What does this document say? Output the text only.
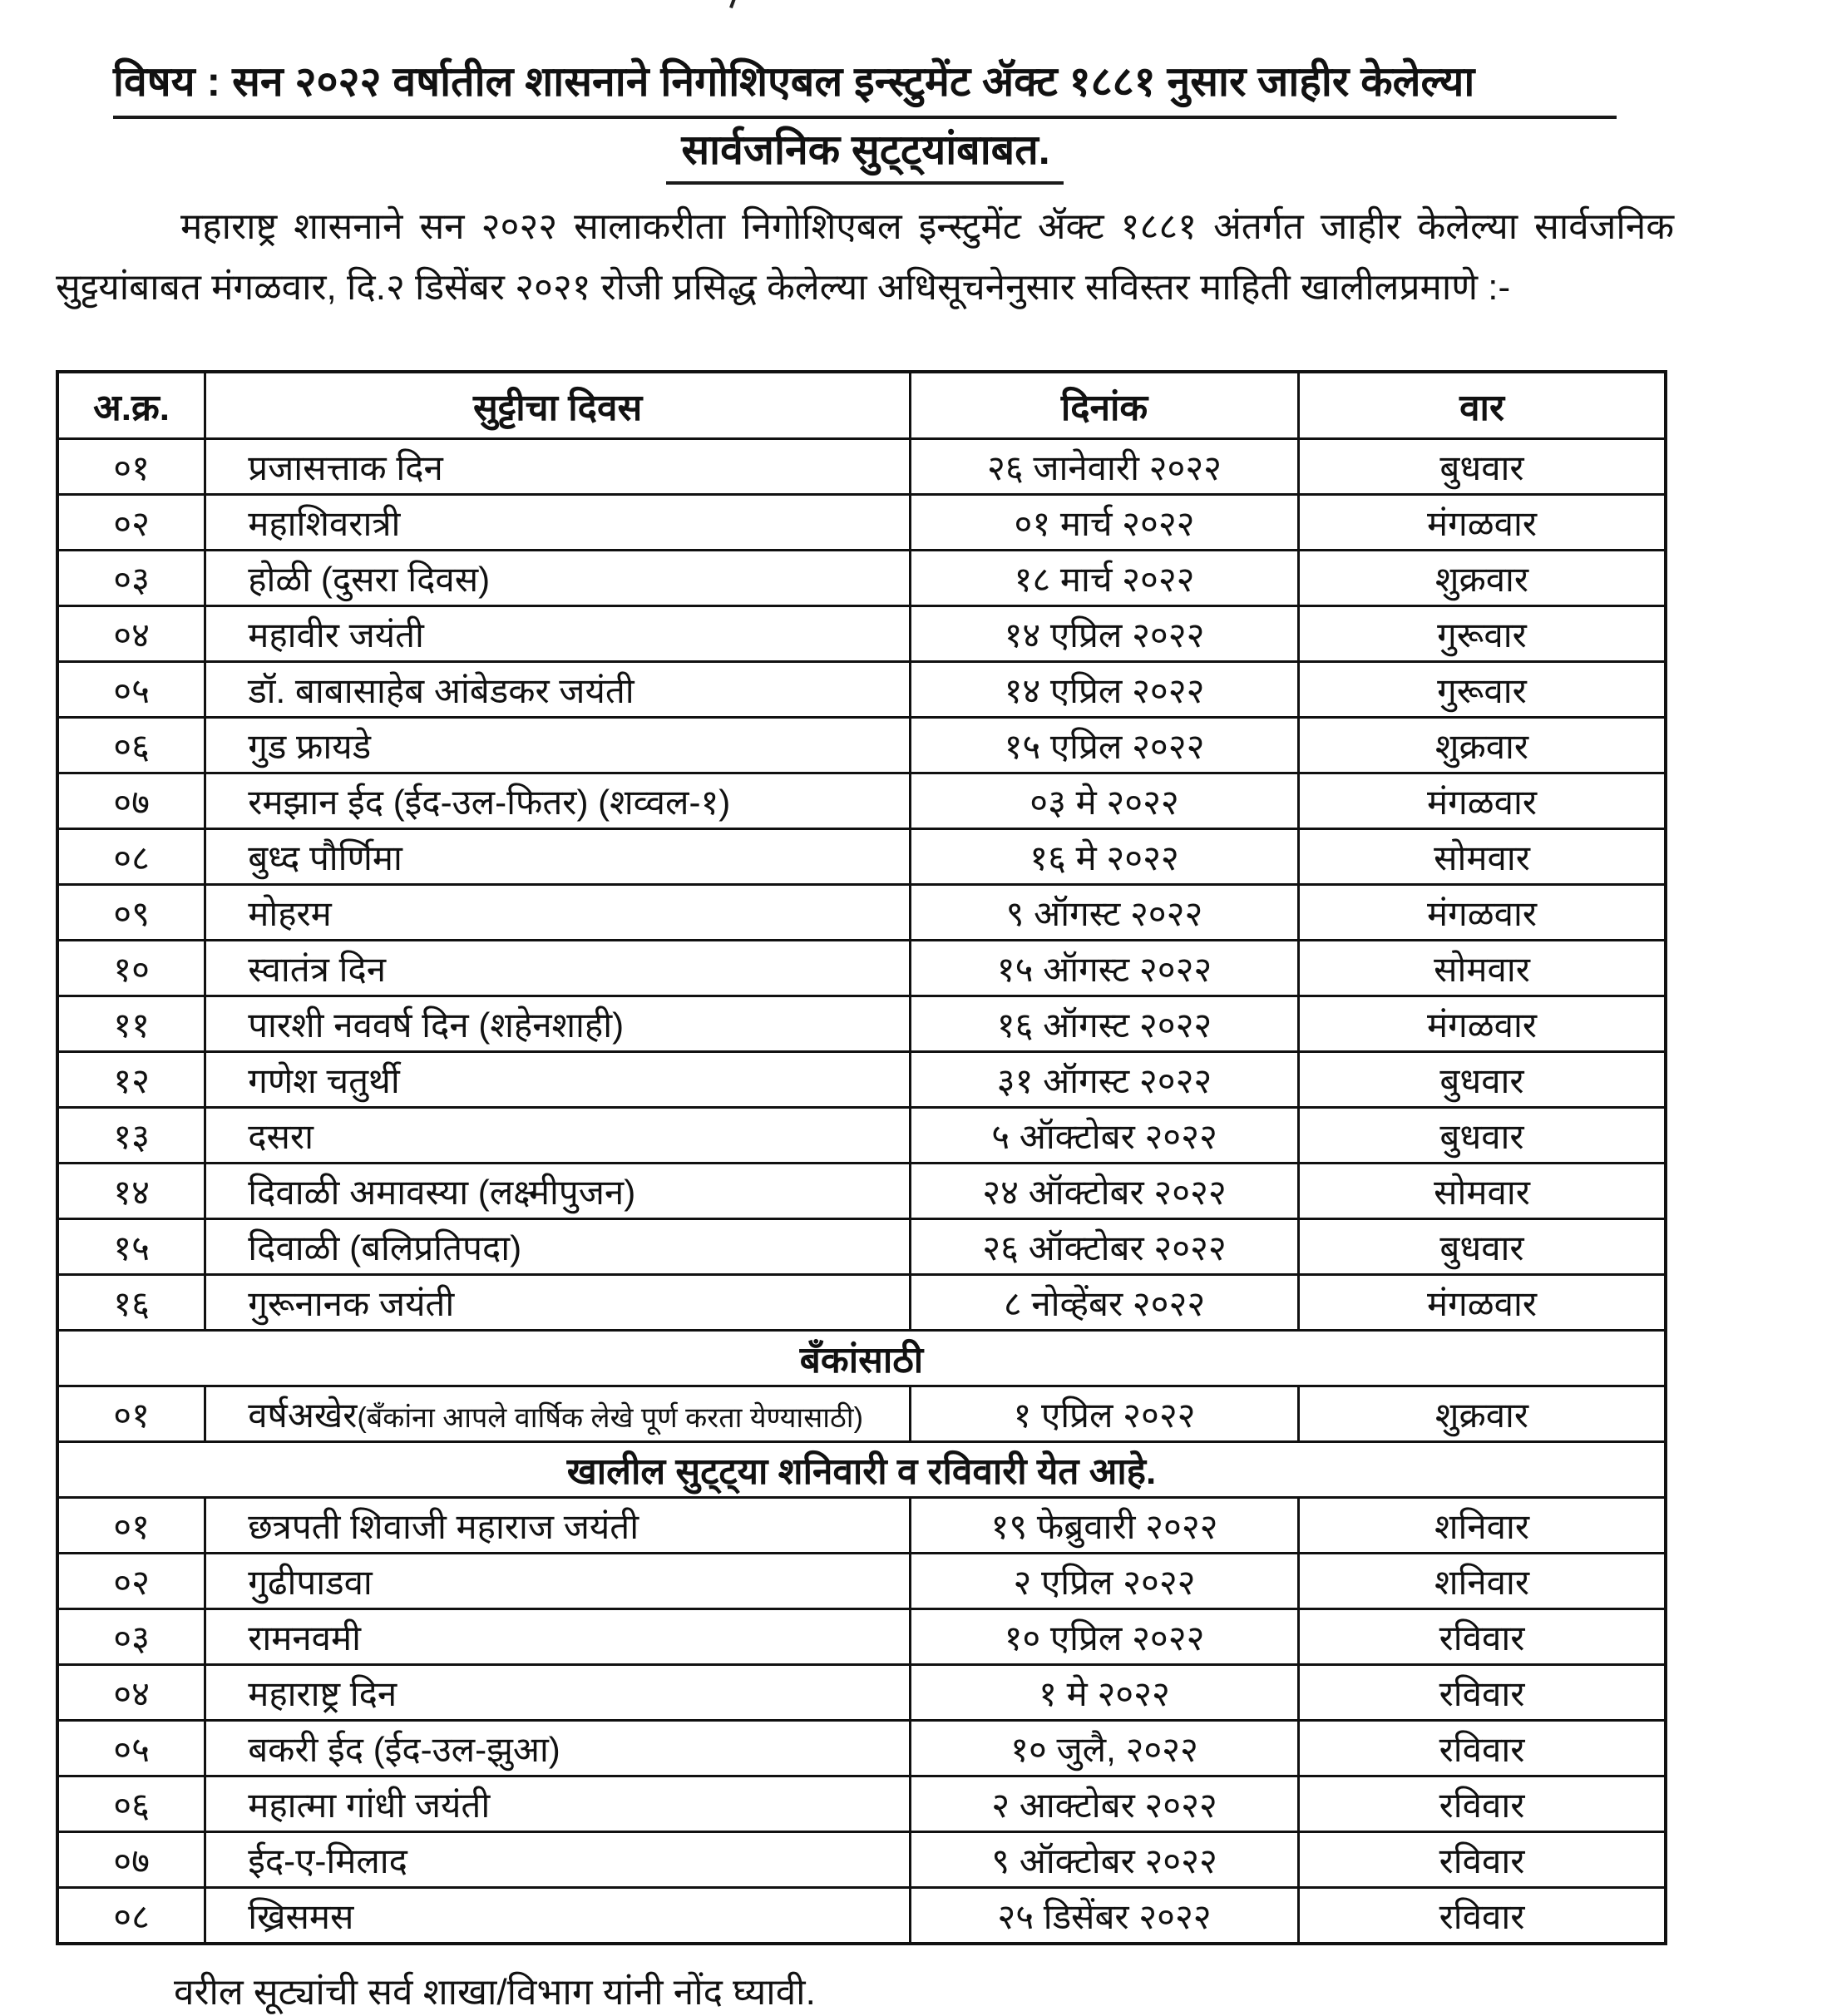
विषय : सन २०२२ वर्षातील शासनाने निगोशिएबल इन्स्टुमेंट ॲक्ट १८८१ नुसार जाहीर केलेल्या
सार्वजनिक सुट्ट्यांबाबत.
महाराष्ट्र शासनाने सन २०२२ सालाकरीता निगोशिएबल इन्स्टुमेंट ॲक्ट १८८१ अंतर्गत जाहीर केलेल्या सार्वजनिक सुट्टयांबाबत मंगळवार, दि.२ डिसेंबर २०२१ रोजी प्रसिद्ध केलेल्या अधिसूचनेनुसार सविस्तर माहिती खालीलप्रमाणे :-
अ.क्र.	सुट्टीचा दिवस	दिनांक	वार
०१	प्रजासत्ताक दिन	२६ जानेवारी २०२२	बुधवार
०२	महाशिवरात्री	०१ मार्च २०२२	मंगळवार
०३	होळी (दुसरा दिवस)	१८ मार्च २०२२	शुक्रवार
०४	महावीर जयंती	१४ एप्रिल २०२२	गुरूवार
०५	डॉ. बाबासाहेब आंबेडकर जयंती	१४ एप्रिल २०२२	गुरूवार
०६	गुड फ्रायडे	१५ एप्रिल २०२२	शुक्रवार
०७	रमझान ईद (ईद-उल-फितर) (शव्वल-१)	०३ मे २०२२	मंगळवार
०८	बुध्द पौर्णिमा	१६ मे २०२२	सोमवार
०९	मोहरम	९ ऑगस्ट २०२२	मंगळवार
१०	स्वातंत्र दिन	१५ ऑगस्ट २०२२	सोमवार
११	पारशी नववर्ष दिन (शहेनशाही)	१६ ऑगस्ट २०२२	मंगळवार
१२	गणेश चतुर्थी	३१ ऑगस्ट २०२२	बुधवार
१३	दसरा	५ ऑक्टोबर २०२२	बुधवार
१४	दिवाळी अमावस्या (लक्ष्मीपुजन)	२४ ऑक्टोबर २०२२	सोमवार
१५	दिवाळी (बलिप्रतिपदा)	२६ ऑक्टोबर २०२२	बुधवार
१६	गुरूनानक जयंती	८ नोव्हेंबर २०२२	मंगळवार
बँकांसाठी			
०१	वर्षअखेर(बँकांना आपले वार्षिक लेखे पूर्ण करता येण्यासाठी)	१ एप्रिल २०२२	शुक्रवार
खालील सुट्ट्या शनिवारी व रविवारी येत आहे.			
०१	छत्रपती शिवाजी महाराज जयंती	१९ फेब्रुवारी २०२२	शनिवार
०२	गुढीपाडवा	२ एप्रिल २०२२	शनिवार
०३	रामनवमी	१० एप्रिल २०२२	रविवार
०४	महाराष्ट्र दिन	१ मे २०२२	रविवार
०५	बकरी ईद (ईद-उल-झुआ)	१० जुलै, २०२२	रविवार
०६	महात्मा गांधी जयंती	२ आक्टोबर २०२२	रविवार
०७	ईद-ए-मिलाद	९ ऑक्टोबर २०२२	रविवार
०८	ख्रिसमस	२५ डिसेंबर २०२२	रविवार
वरील सूट्यांची सर्व शाखा/विभाग यांनी नोंद घ्यावी.
